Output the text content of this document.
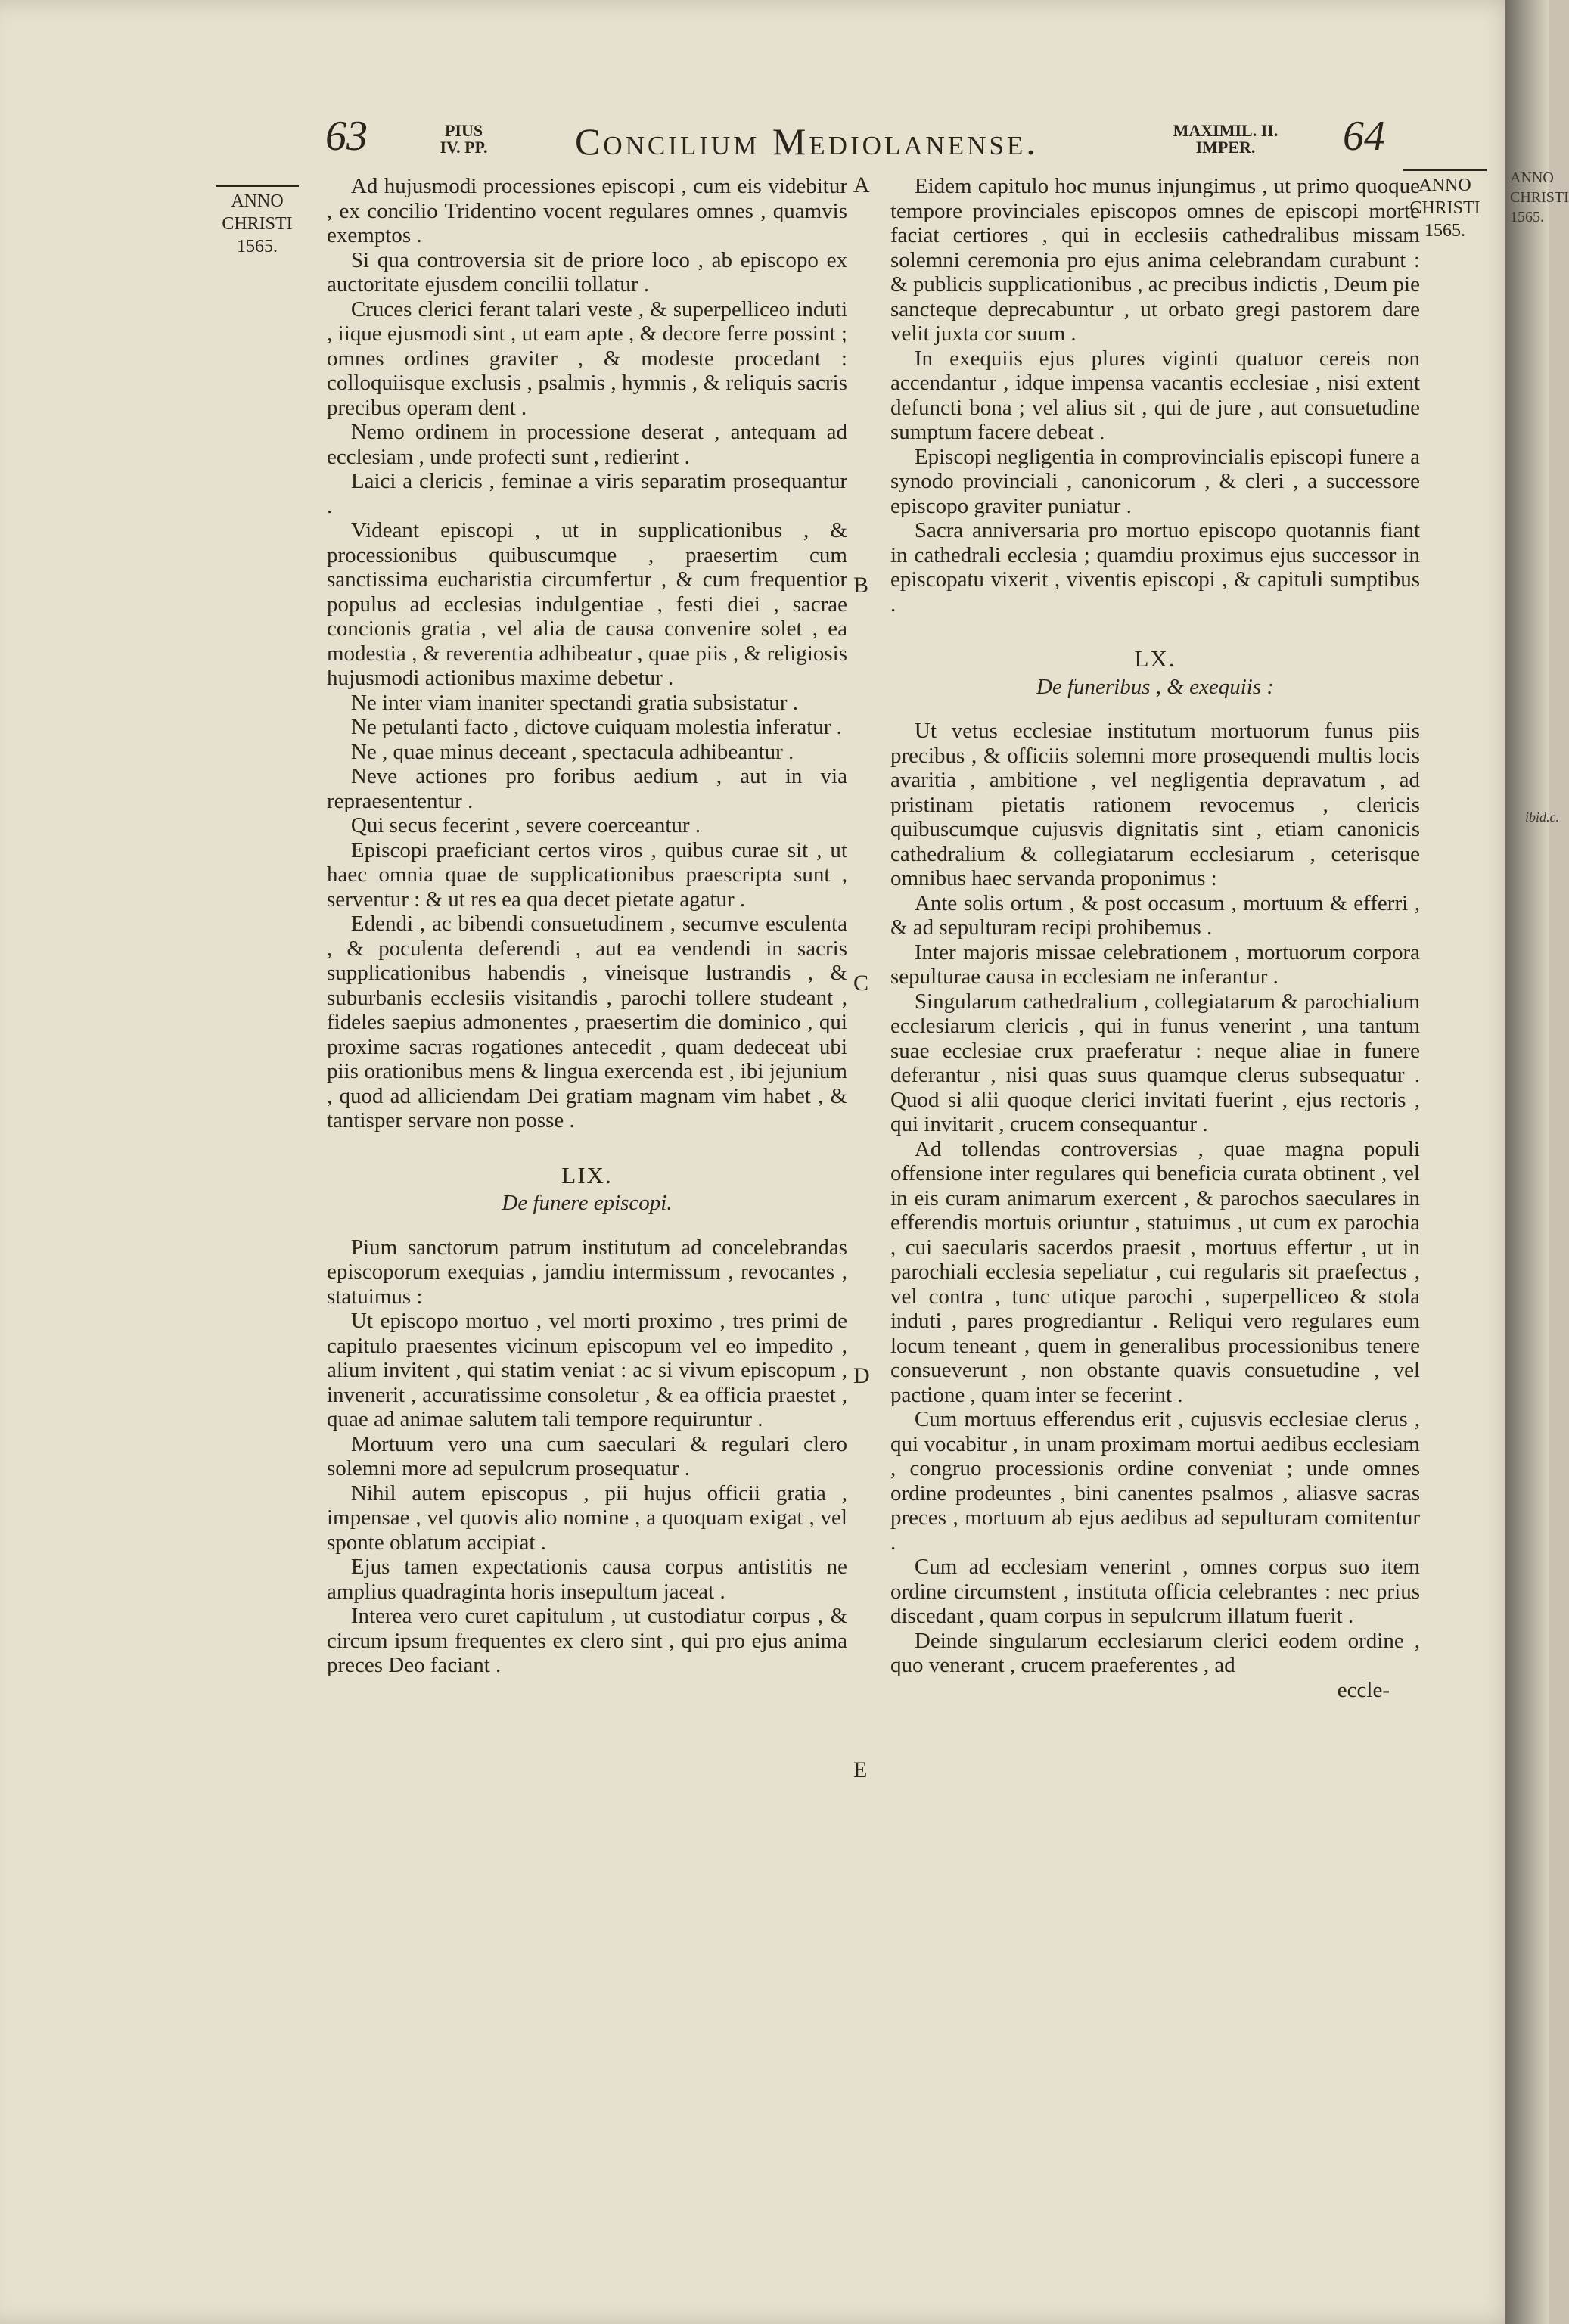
63	PIUS IV. PP. Concilium Mediolanense.	MAXIMIL. II. IMPER.	64
ANNO
CHRISTI
1565.
ANNO
CHRISTI
1565.
ANNO
CHRISTI
1565.
ibid.c.
A
B
C
D
E

Ad hujusmodi processiones episcopi , cum eis videbitur , ex concilio Tridentino vocent regulares omnes , quamvis exemptos .

Si qua controversia sit de priore loco , ab episcopo ex auctoritate ejusdem concilii tollatur .

Cruces clerici ferant talari veste , & superpelliceo induti , iique ejusmodi sint , ut eam apte , & decore ferre possint ; omnes ordines graviter , & modeste procedant : colloquiisque exclusis , psalmis , hymnis , & reliquis sacris precibus operam dent .

Nemo ordinem in processione deserat , antequam ad ecclesiam , unde profecti sunt , redierint .

Laici a clericis , feminae a viris separatim prosequantur .

Videant episcopi , ut in supplicationibus , & processionibus quibuscumque , praesertim cum sanctissima eucharistia circumfertur , & cum frequentior populus ad ecclesias indulgentiae , festi diei , sacrae concionis gratia , vel alia de causa convenire solet , ea modestia , & reverentia adhibeatur , quae piis , & religiosis hujusmodi actionibus maxime debetur .

Ne inter viam inaniter spectandi gratia subsistatur .

Ne petulanti facto , dictove cuiquam molestia inferatur .

Ne , quae minus deceant , spectacula adhibeantur .

Neve actiones pro foribus aedium , aut in via repraesententur .

Qui secus fecerint , severe coerceantur .

Episcopi praeficiant certos viros , quibus curae sit , ut haec omnia quae de supplicationibus praescripta sunt , serventur : & ut res ea qua decet pietate agatur .

Edendi , ac bibendi consuetudinem , secumve esculenta , & poculenta deferendi , aut ea vendendi in sacris supplicationibus habendis , vineisque lustrandis , & suburbanis ecclesiis visitandis , parochi tollere studeant , fideles saepius admonentes , praesertim die dominico , qui proxime sacras rogationes antecedit , quam dedeceat ubi piis orationibus mens & lingua exercenda est , ibi jejunium , quod ad alliciendam Dei gratiam magnam vim habet , & tantisper servare non posse .

LIX.
De funere episcopi.

Pium sanctorum patrum institutum ad concelebrandas episcoporum exequias , jamdiu intermissum , revocantes , statuimus :

Ut episcopo mortuo , vel morti proximo , tres primi de capitulo praesentes vicinum episcopum vel eo impedito , alium invitent , qui statim veniat : ac si vivum episcopum , invenerit , accuratissime consoletur , & ea officia praestet , quae ad animae salutem tali tempore requiruntur .

Mortuum vero una cum saeculari & regulari clero solemni more ad sepulcrum prosequatur .

Nihil autem episcopus , pii hujus officii gratia , impensae , vel quovis alio nomine , a quoquam exigat , vel sponte oblatum accipiat .

Ejus tamen expectationis causa corpus antistitis ne amplius quadraginta horis insepultum jaceat .

Interea vero curet capitulum , ut custodiatur corpus , & circum ipsum frequentes ex clero sint , qui pro ejus anima preces Deo faciant .

Eidem capitulo hoc munus injungimus , ut primo quoque tempore provinciales episcopos omnes de episcopi morte faciat certiores , qui in ecclesiis cathedralibus missam solemni ceremonia pro ejus anima celebrandam curabunt : & publicis supplicationibus , ac precibus indictis , Deum pie sancteque deprecabuntur , ut orbato gregi pastorem dare velit juxta cor suum .

In exequiis ejus plures viginti quatuor cereis non accendantur , idque impensa vacantis ecclesiae , nisi extent defuncti bona ; vel alius sit , qui de jure , aut consuetudine sumptum facere debeat .

Episcopi negligentia in comprovincialis episcopi funere a synodo provinciali , canonicorum , & cleri , a successore episcopo graviter puniatur .

Sacra anniversaria pro mortuo episcopo quotannis fiant in cathedrali ecclesia ; quamdiu proximus ejus successor in episcopatu vixerit , viventis episcopi , & capituli sumptibus .

LX.
De funeribus , & exequiis :

Ut vetus ecclesiae institutum mortuorum funus piis precibus , & officiis solemni more prosequendi multis locis avaritia , ambitione , vel negligentia depravatum , ad pristinam pietatis rationem revocemus , clericis quibuscumque cujusvis dignitatis sint , etiam canonicis cathedralium & collegiatarum ecclesiarum , ceterisque omnibus haec servanda proponimus :

Ante solis ortum , & post occasum , mortuum & efferri , & ad sepulturam recipi prohibemus .

Inter majoris missae celebrationem , mortuorum corpora sepulturae causa in ecclesiam ne inferantur .

Singularum cathedralium , collegiatarum & parochialium ecclesiarum clericis , qui in funus venerint , una tantum suae ecclesiae crux praeferatur : neque aliae in funere deferantur , nisi quas suus quamque clerus subsequatur . Quod si alii quoque clerici invitati fuerint , ejus rectoris , qui invitarit , crucem consequantur .

Ad tollendas controversias , quae magna populi offensione inter regulares qui beneficia curata obtinent , vel in eis curam animarum exercent , & parochos saeculares in efferendis mortuis oriuntur , statuimus , ut cum ex parochia , cui saecularis sacerdos praesit , mortuus effertur , ut in parochiali ecclesia sepeliatur , cui regularis sit praefectus , vel contra , tunc utique parochi , superpelliceo & stola induti , pares progrediantur . Reliqui vero regulares eum locum teneant , quem in generalibus processionibus tenere consueverunt , non obstante quavis consuetudine , vel pactione , quam inter se fecerint .

Cum mortuus efferendus erit , cujusvis ecclesiae clerus , qui vocabitur , in unam proximam mortui aedibus ecclesiam , congruo processionis ordine conveniat ; unde omnes ordine prodeuntes , bini canentes psalmos , aliasve sacras preces , mortuum ab ejus aedibus ad sepulturam comitentur .

Cum ad ecclesiam venerint , omnes corpus suo item ordine circumstent , instituta officia celebrantes : nec prius discedant , quam corpus in sepulcrum illatum fuerit .

Deinde singularum ecclesiarum clerici eodem ordine , quo venerant , crucem praeferentes , ad

eccle-
